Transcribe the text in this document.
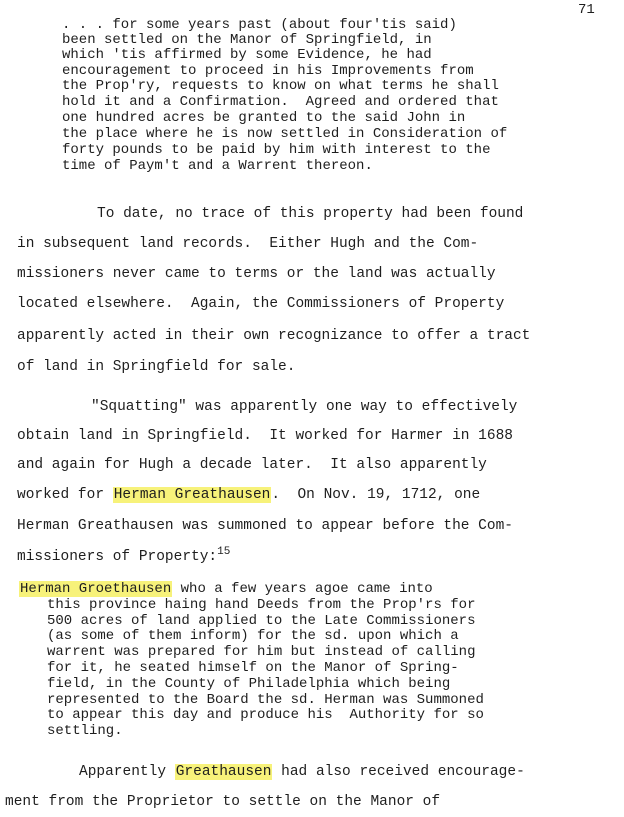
71
. . . for some years past (about four'tis said)
been settled on the Manor of Springfield, in
which 'tis affirmed by some Evidence, he had
encouragement to proceed in his Improvements from
the Prop'ry, requests to know on what terms he shall
hold it and a Confirmation.  Agreed and ordered that
one hundred acres be granted to the said John in
the place where he is now settled in Consideration of
forty pounds to be paid by him with interest to the
time of Paym't and a Warrent thereon.
To date, no trace of this property had been found
in subsequent land records.  Either Hugh and the Com-
missioners never came to terms or the land was actually
located elsewhere.  Again, the Commissioners of Property
apparently acted in their own recognizance to offer a tract
of land in Springfield for sale.
"Squatting" was apparently one way to effectively
obtain land in Springfield.  It worked for Harmer in 1688
and again for Hugh a decade later.  It also apparently
worked for Herman Greathausen.  On Nov. 19, 1712, one
Herman Greathausen was summoned to appear before the Com-
missioners of Property:$^{15}$
Herman Groethausen who a few years agoe came into
this province haing hand Deeds from the Prop'rs for
500 acres of land applied to the Late Commissioners
(as some of them inform) for the sd. upon which a
warrent was prepared for him but instead of calling
for it, he seated himself on the Manor of Spring-
field, in the County of Philadelphia which being
represented to the Board the sd. Herman was Summoned
to appear this day and produce his  Authority for so
settling.
Apparently Greathausen had also received encourage-
ment from the Proprietor to settle on the Manor of
